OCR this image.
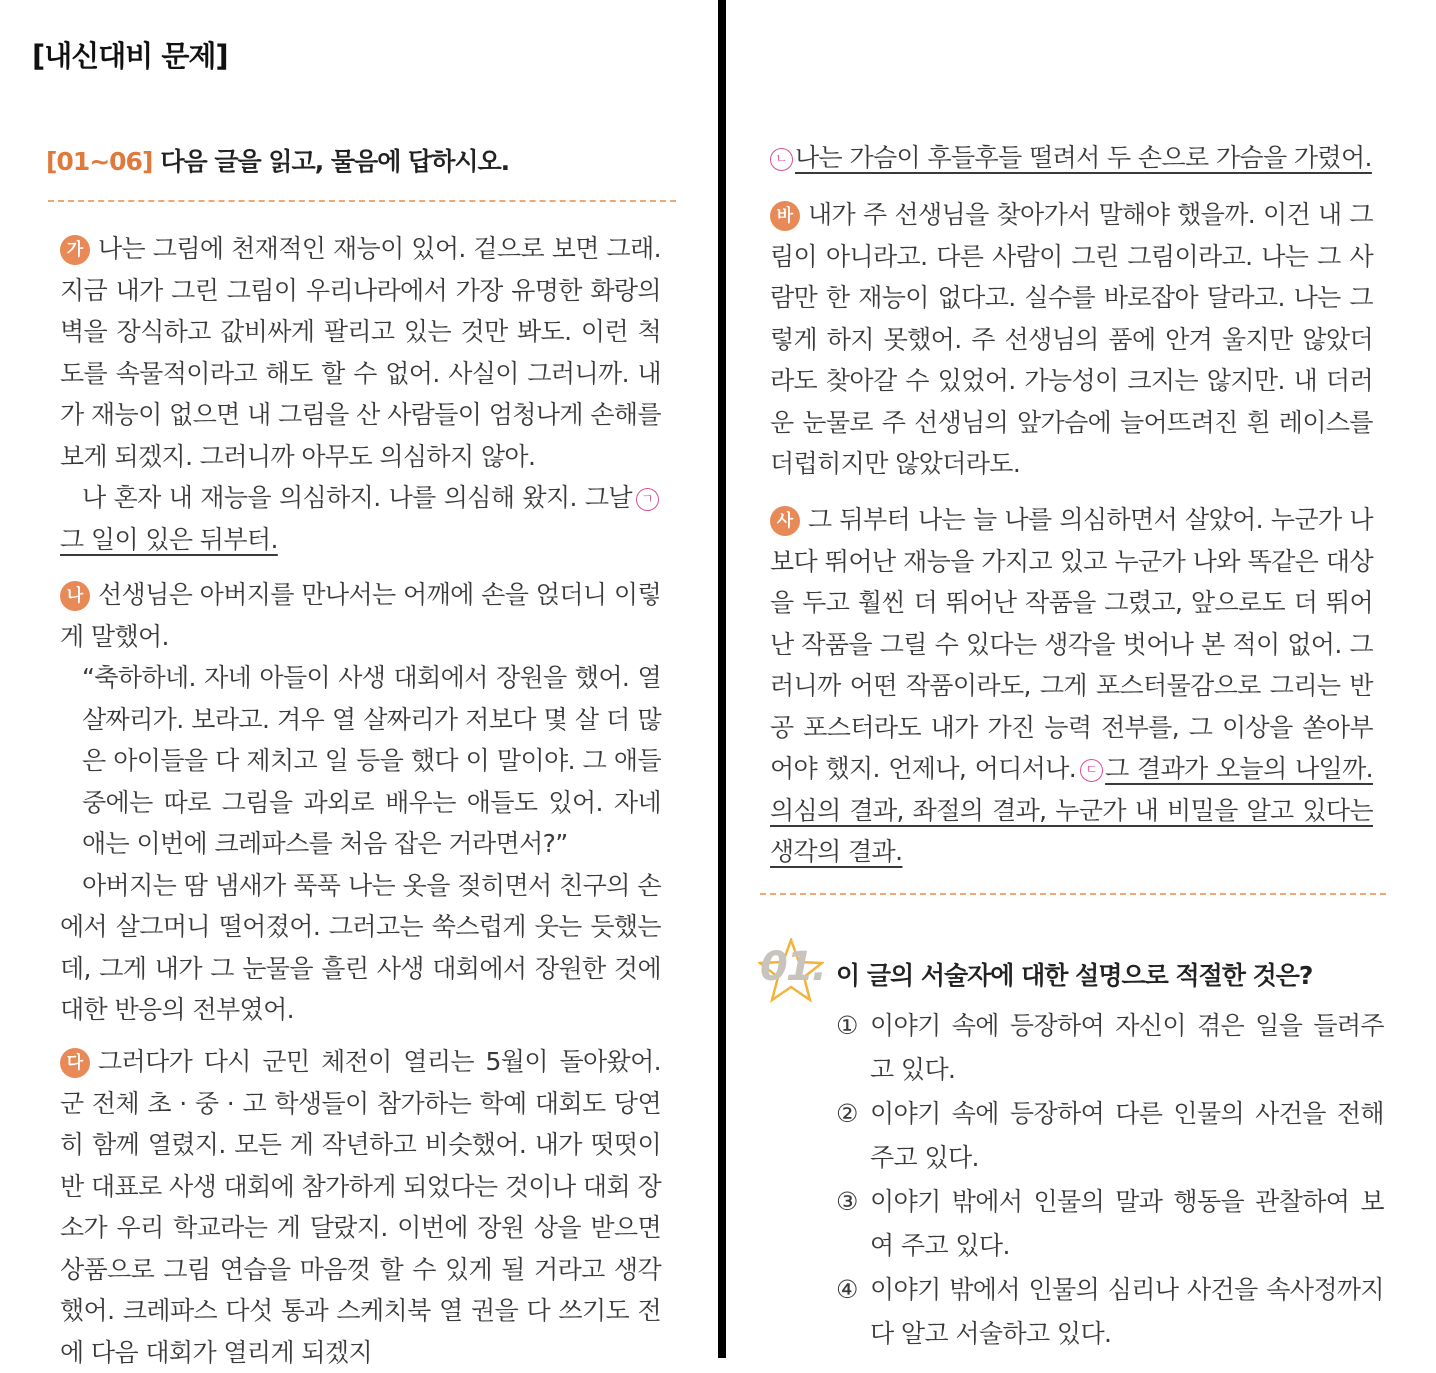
[내신대비 문제]
[01~06] 다음 글을 읽고, 물음에 답하시오.

가 나는 그림에 천재적인 재능이 있어. 겉으로 보면 그래. 지금 내가 그린 그림이 우리나라에서 가장 유명한 화랑의 벽을 장식하고 값비싸게 팔리고 있는 것만 봐도. 이런 척도를 속물적이라고 해도 할 수 없어. 사실이 그러니까. 내가 재능이 없으면 내 그림을 산 사람들이 엄청나게 손해를 보게 되겠지. 그러니까 아무도 의심하지 않아.

나 혼자 내 재능을 의심하지. 나를 의심해 왔지. 그날 ㄱ그 일이 있은 뒤부터.

나 선생님은 아버지를 만나서는 어깨에 손을 얹더니 이렇게 말했어.

“축하하네. 자네 아들이 사생 대회에서 장원을 했어. 열 살짜리가. 보라고. 겨우 열 살짜리가 저보다 몇 살 더 많은 아이들을 다 제치고 일 등을 했다 이 말이야. 그 애들 중에는 따로 그림을 과외로 배우는 애들도 있어. 자네 애는 이번에 크레파스를 처음 잡은 거라면서?”

아버지는 땀 냄새가 푹푹 나는 옷을 젖히면서 친구의 손에서 살그머니 떨어졌어. 그러고는 쑥스럽게 웃는 듯했는데, 그게 내가 그 눈물을 흘린 사생 대회에서 장원한 것에 대한 반응의 전부였어.

다 그러다가 다시 군민 체전이 열리는 5월이 돌아왔어. 군 전체 초 · 중 · 고 학생들이 참가하는 학예 대회도 당연히 함께 열렸지. 모든 게 작년하고 비슷했어. 내가 떳떳이 반 대표로 사생 대회에 참가하게 되었다는 것이나 대회 장소가 우리 학교라는 게 달랐지. 이번에 장원 상을 받으면 상품으로 그림 연습을 마음껏 할 수 있게 될 거라고 생각했어. 크레파스 다섯 통과 스케치북 열 권을 다 쓰기도 전에 다음 대회가 열리게 되겠지

ㄴ 나는 가슴이 후들후들 떨려서 두 손으로 가슴을 가렸어.

바 내가 주 선생님을 찾아가서 말해야 했을까. 이건 내 그림이 아니라고. 다른 사람이 그린 그림이라고. 나는 그 사람만 한 재능이 없다고. 실수를 바로잡아 달라고. 나는 그렇게 하지 못했어. 주 선생님의 품에 안겨 울지만 않았더라도 찾아갈 수 있었어. 가능성이 크지는 않지만. 내 더러운 눈물로 주 선생님의 앞가슴에 늘어뜨려진 흰 레이스를 더럽히지만 않았더라도.

사 그 뒤부터 나는 늘 나를 의심하면서 살았어. 누군가 나보다 뛰어난 재능을 가지고 있고 누군가 나와 똑같은 대상을 두고 훨씬 더 뛰어난 작품을 그렸고, 앞으로도 더 뛰어난 작품을 그릴 수 있다는 생각을 벗어나 본 적이 없어. 그러니까 어떤 작품이라도, 그게 포스터물감으로 그리는 반공 포스터라도 내가 가진 능력 전부를, 그 이상을 쏟아부어야 했지. 언제나, 어디서나. ㄷ 그 결과가 오늘의 나일까. 의심의 결과, 좌절의 결과, 누군가 내 비밀을 알고 있다는 생각의 결과.

01. 이 글의 서술자에 대한 설명으로 적절한 것은?
① 이야기 속에 등장하여 자신이 겪은 일을 들려주고 있다.
② 이야기 속에 등장하여 다른 인물의 사건을 전해주고 있다.
③ 이야기 밖에서 인물의 말과 행동을 관찰하여 보여 주고 있다.
④ 이야기 밖에서 인물의 심리나 사건을 속사정까지 다 알고 서술하고 있다.
